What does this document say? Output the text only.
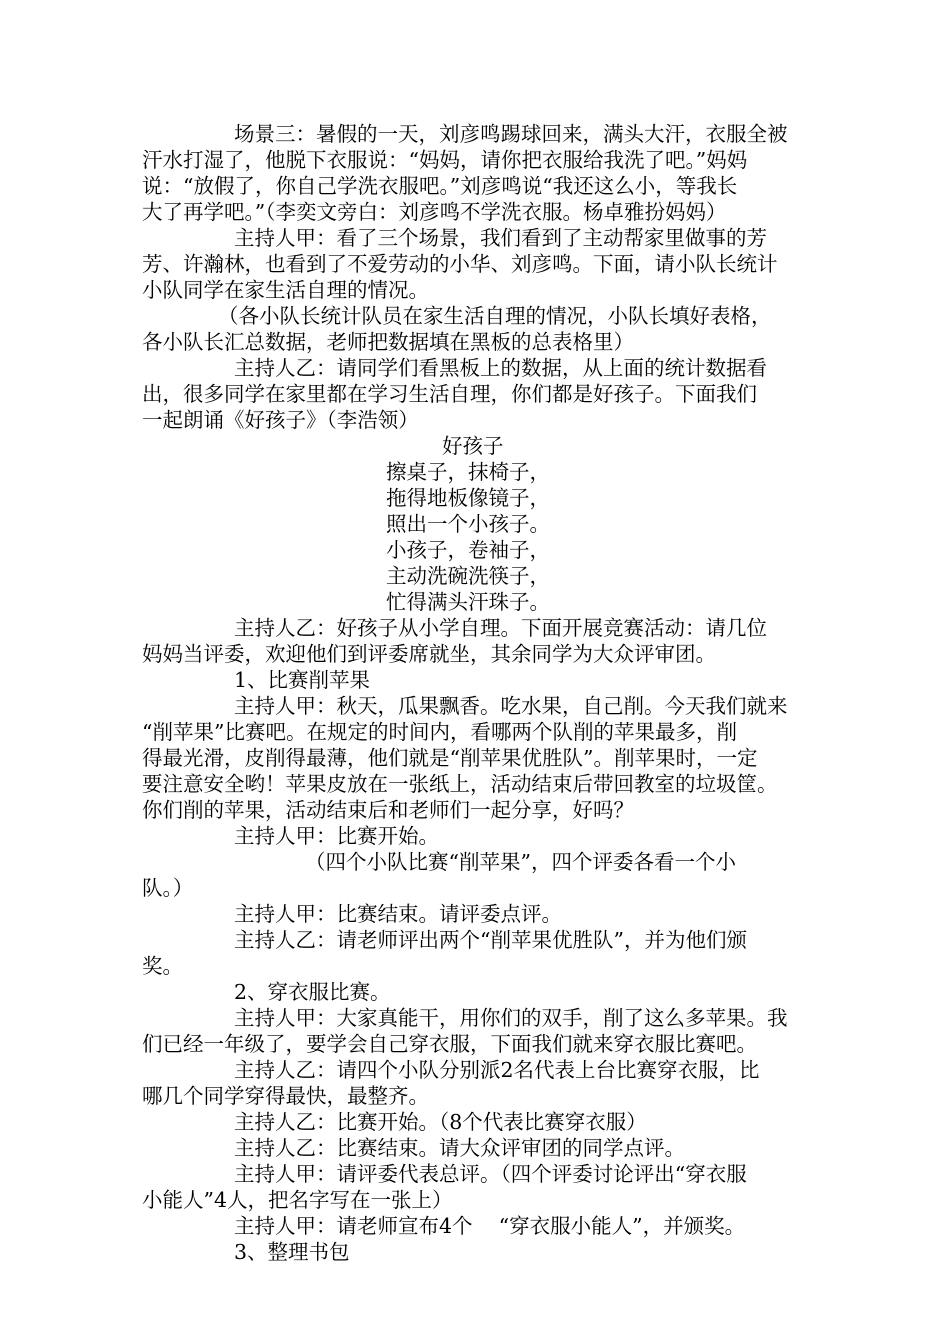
场景三：暑假的一天，刘彦鸣踢球回来，满头大汗，衣服全被
汗水打湿了，他脱下衣服说：“妈妈，请你把衣服给我洗了吧。”妈妈
说：“放假了，你自己学洗衣服吧。”刘彦鸣说“我还这么小，等我长
大了再学吧。”（李奕文旁白：刘彦鸣不学洗衣服。杨卓雅扮妈妈）
主持人甲：看了三个场景，我们看到了主动帮家里做事的芳
芳、许瀚林，也看到了不爱劳动的小华、刘彦鸣。下面，请小队长统计
小队同学在家生活自理的情况。
（各小队长统计队员在家生活自理的情况，小队长填好表格，
各小队长汇总数据，老师把数据填在黑板的总表格里）
主持人乙：请同学们看黑板上的数据，从上面的统计数据看
出，很多同学在家里都在学习生活自理，你们都是好孩子。下面我们
一起朗诵《好孩子》（李浩领）
好孩子
擦桌子，抹椅子，
拖得地板像镜子，
照出一个小孩子。
小孩子，卷袖子，
主动洗碗洗筷子，
忙得满头汗珠子。
主持人乙：好孩子从小学自理。下面开展竞赛活动：请几位
妈妈当评委，欢迎他们到评委席就坐，其余同学为大众评审团。
1、比赛削苹果
主持人甲：秋天，瓜果飘香。吃水果，自己削。今天我们就来
“削苹果”比赛吧。在规定的时间内，看哪两个队削的苹果最多，削
得最光滑，皮削得最薄，他们就是“削苹果优胜队”。削苹果时，一定
要注意安全哟！苹果皮放在一张纸上，活动结束后带回教室的垃圾筐。
你们削的苹果，活动结束后和老师们一起分享，好吗？
主持人甲：比赛开始。
（四个小队比赛“削苹果”，四个评委各看一个小
队。）
主持人甲：比赛结束。请评委点评。
主持人乙：请老师评出两个“削苹果优胜队”，并为他们颁
奖。
2、穿衣服比赛。
主持人甲：大家真能干，用你们的双手，削了这么多苹果。我
们已经一年级了，要学会自己穿衣服，下面我们就来穿衣服比赛吧。
主持人乙：请四个小队分别派2名代表上台比赛穿衣服，比
哪几个同学穿得最快，最整齐。
主持人乙：比赛开始。（8个代表比赛穿衣服）
主持人乙：比赛结束。请大众评审团的同学点评。
主持人甲：请评委代表总评。（四个评委讨论评出“穿衣服
小能人”4人，把名字写在一张上）
主持人甲：请老师宣布4个    “穿衣服小能人”，并颁奖。
3、整理书包
